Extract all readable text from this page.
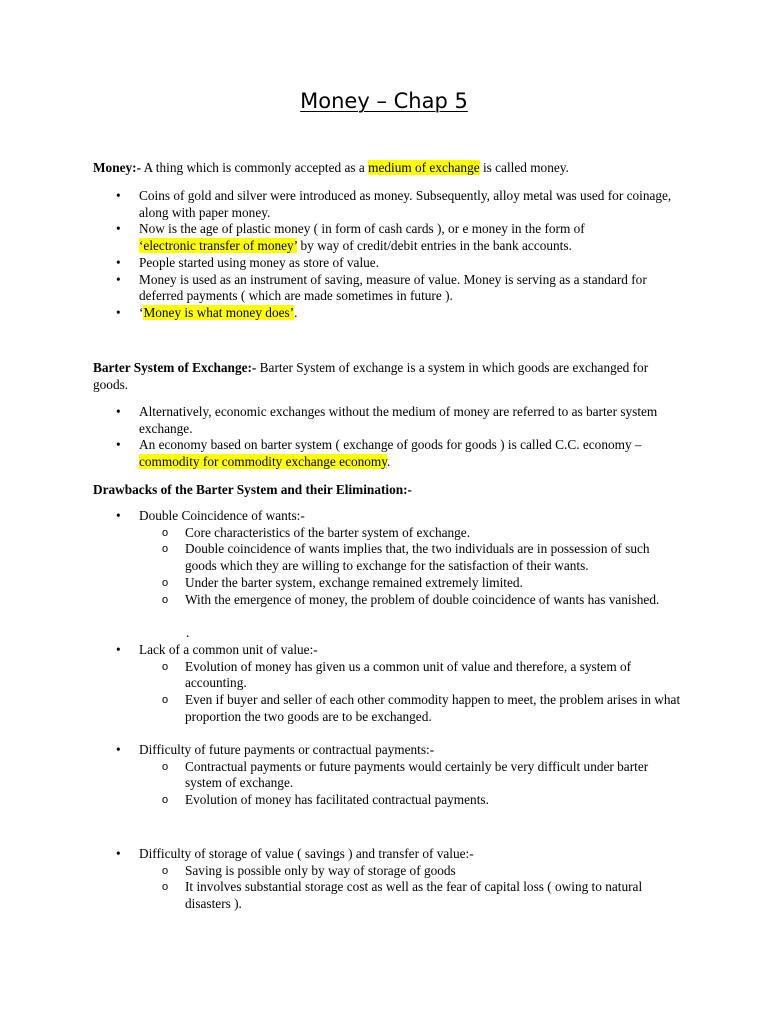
Money – Chap 5

Money:- A thing which is commonly accepted as a medium of exchange is called money.

• Coins of gold and silver were introduced as money. Subsequently, alloy metal was used for coinage, along with paper money.
• Now is the age of plastic money ( in form of cash cards ), or e money in the form of
‘electronic transfer of money’ by way of credit/debit entries in the bank accounts.
• People started using money as store of value.
• Money is used as an instrument of saving, measure of value. Money is serving as a standard for deferred payments ( which are made sometimes in future ).
• ‘Money is what money does’.

Barter System of Exchange:- Barter System of exchange is a system in which goods are exchanged for goods.

• Alternatively, economic exchanges without the medium of money are referred to as barter system exchange.
• An economy based on barter system ( exchange of goods for goods ) is called C.C. economy – commodity for commodity exchange economy.

Drawbacks of the Barter System and their Elimination:-

• Double Coincidence of wants:-
o Core characteristics of the barter system of exchange.
o Double coincidence of wants implies that, the two individuals are in possession of such goods which they are willing to exchange for the satisfaction of their wants.
o Under the barter system, exchange remained extremely limited.
o With the emergence of money, the problem of double coincidence of wants has vanished.
.
• Lack of a common unit of value:-
o Evolution of money has given us a common unit of value and therefore, a system of accounting.
o Even if buyer and seller of each other commodity happen to meet, the problem arises in what proportion the two goods are to be exchanged.
• Difficulty of future payments or contractual payments:-
o Contractual payments or future payments would certainly be very difficult under barter system of exchange.
o Evolution of money has facilitated contractual payments.
• Difficulty of storage of value ( savings ) and transfer of value:-
o Saving is possible only by way of storage of goods
o It involves substantial storage cost as well as the fear of capital loss ( owing to natural disasters ).
